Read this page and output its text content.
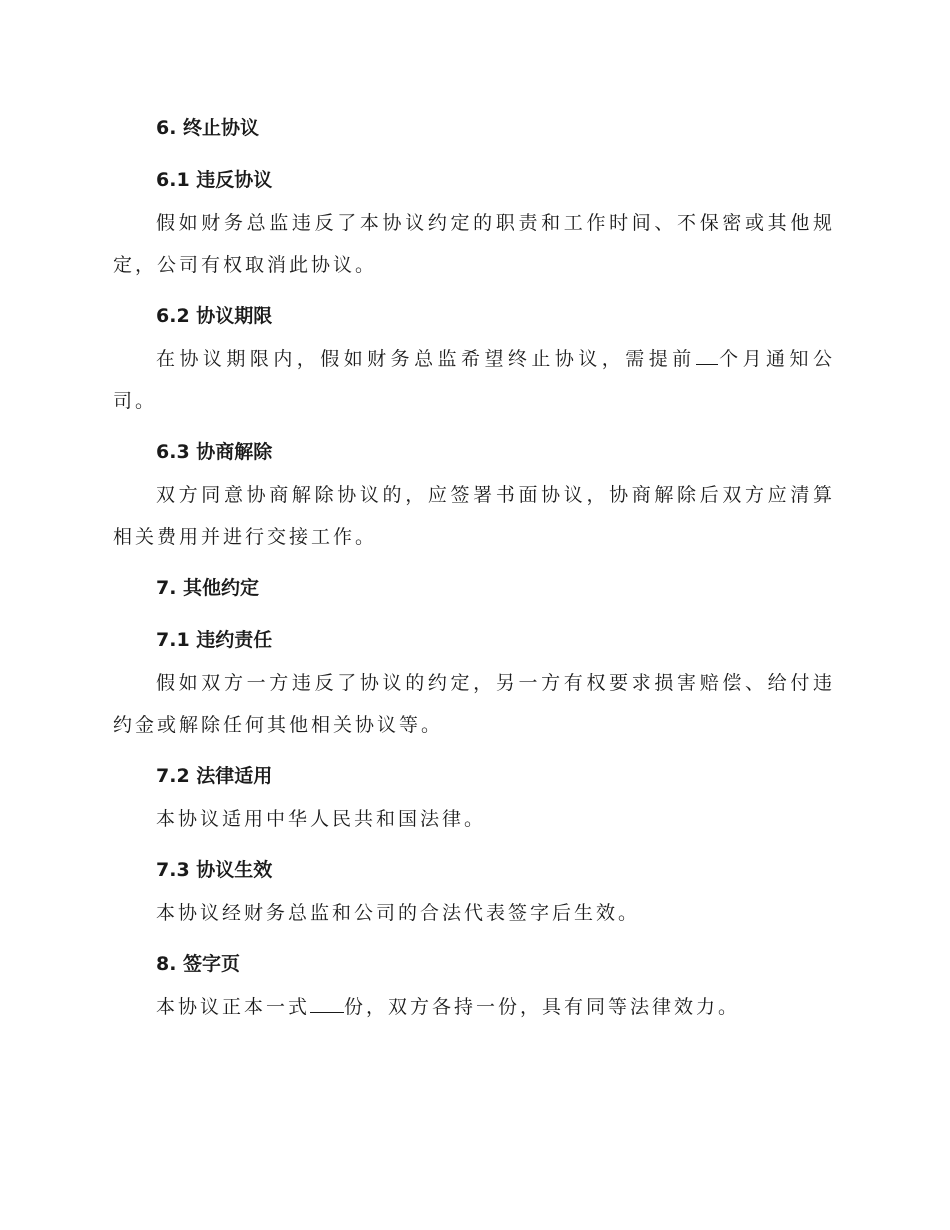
6. 终止协议
6.1 违反协议

假如财务总监违反了本协议约定的职责和工作时间、不保密或其他规定，公司有权取消此协议。

6.2 协议期限

在协议期限内，假如财务总监希望终止协议，需提前 个月通知公司。

6.3 协商解除

双方同意协商解除协议的，应签署书面协议，协商解除后双方应清算相关费用并进行交接工作。

7. 其他约定
7.1 违约责任

假如双方一方违反了协议的约定，另一方有权要求损害赔偿、给付违约金或解除任何其他相关协议等。

7.2 法律适用

本协议适用中华人民共和国法律。

7.3 协议生效

本协议经财务总监和公司的合法代表签字后生效。

8. 签字页

本协议正本一式 份，双方各持一份，具有同等法律效力。
